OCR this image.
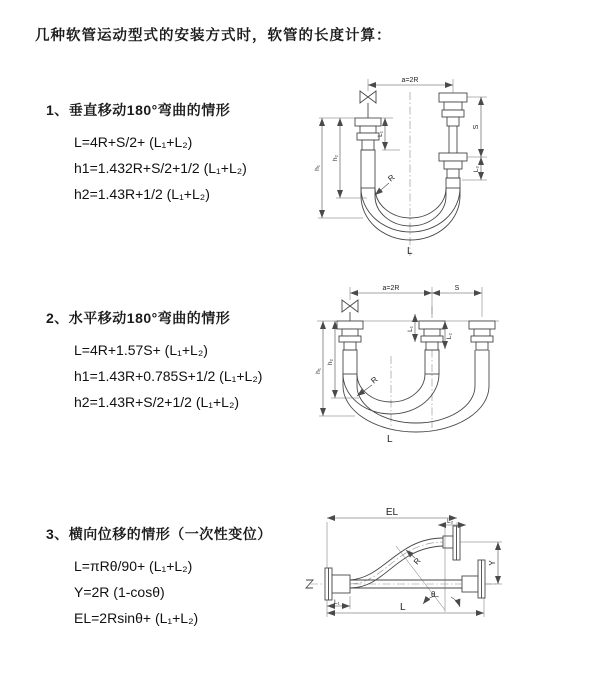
几种软管运动型式的安装方式时，软管的长度计算：
1、垂直移动180°弯曲的情形
L=4R+S/2+ (L₁+L₂)
h1=1.432R+S/2+1/2 (L₁+L₂)
h2=1.43R+1/2 (L₁+L₂)
2、水平移动180°弯曲的情形
L=4R+1.57S+ (L₁+L₂)
h1=1.43R+0.785S+1/2 (L₁+L₂)
h2=1.43R+S/2+1/2 (L₁+L₂)
3、横向位移的情形（一次性变位）
L=πRθ/90+ (L₁+L₂)
Y=2R (1-cosθ)
EL=2Rsinθ+ (L₁+L₂)
a=2R
S
L₂
L₁
h₁
h₂
R
L
a=2R	S
L₁
L₂
h₁
h₂
R
L
EL
L₂
Y
L
L₁
R
θ
